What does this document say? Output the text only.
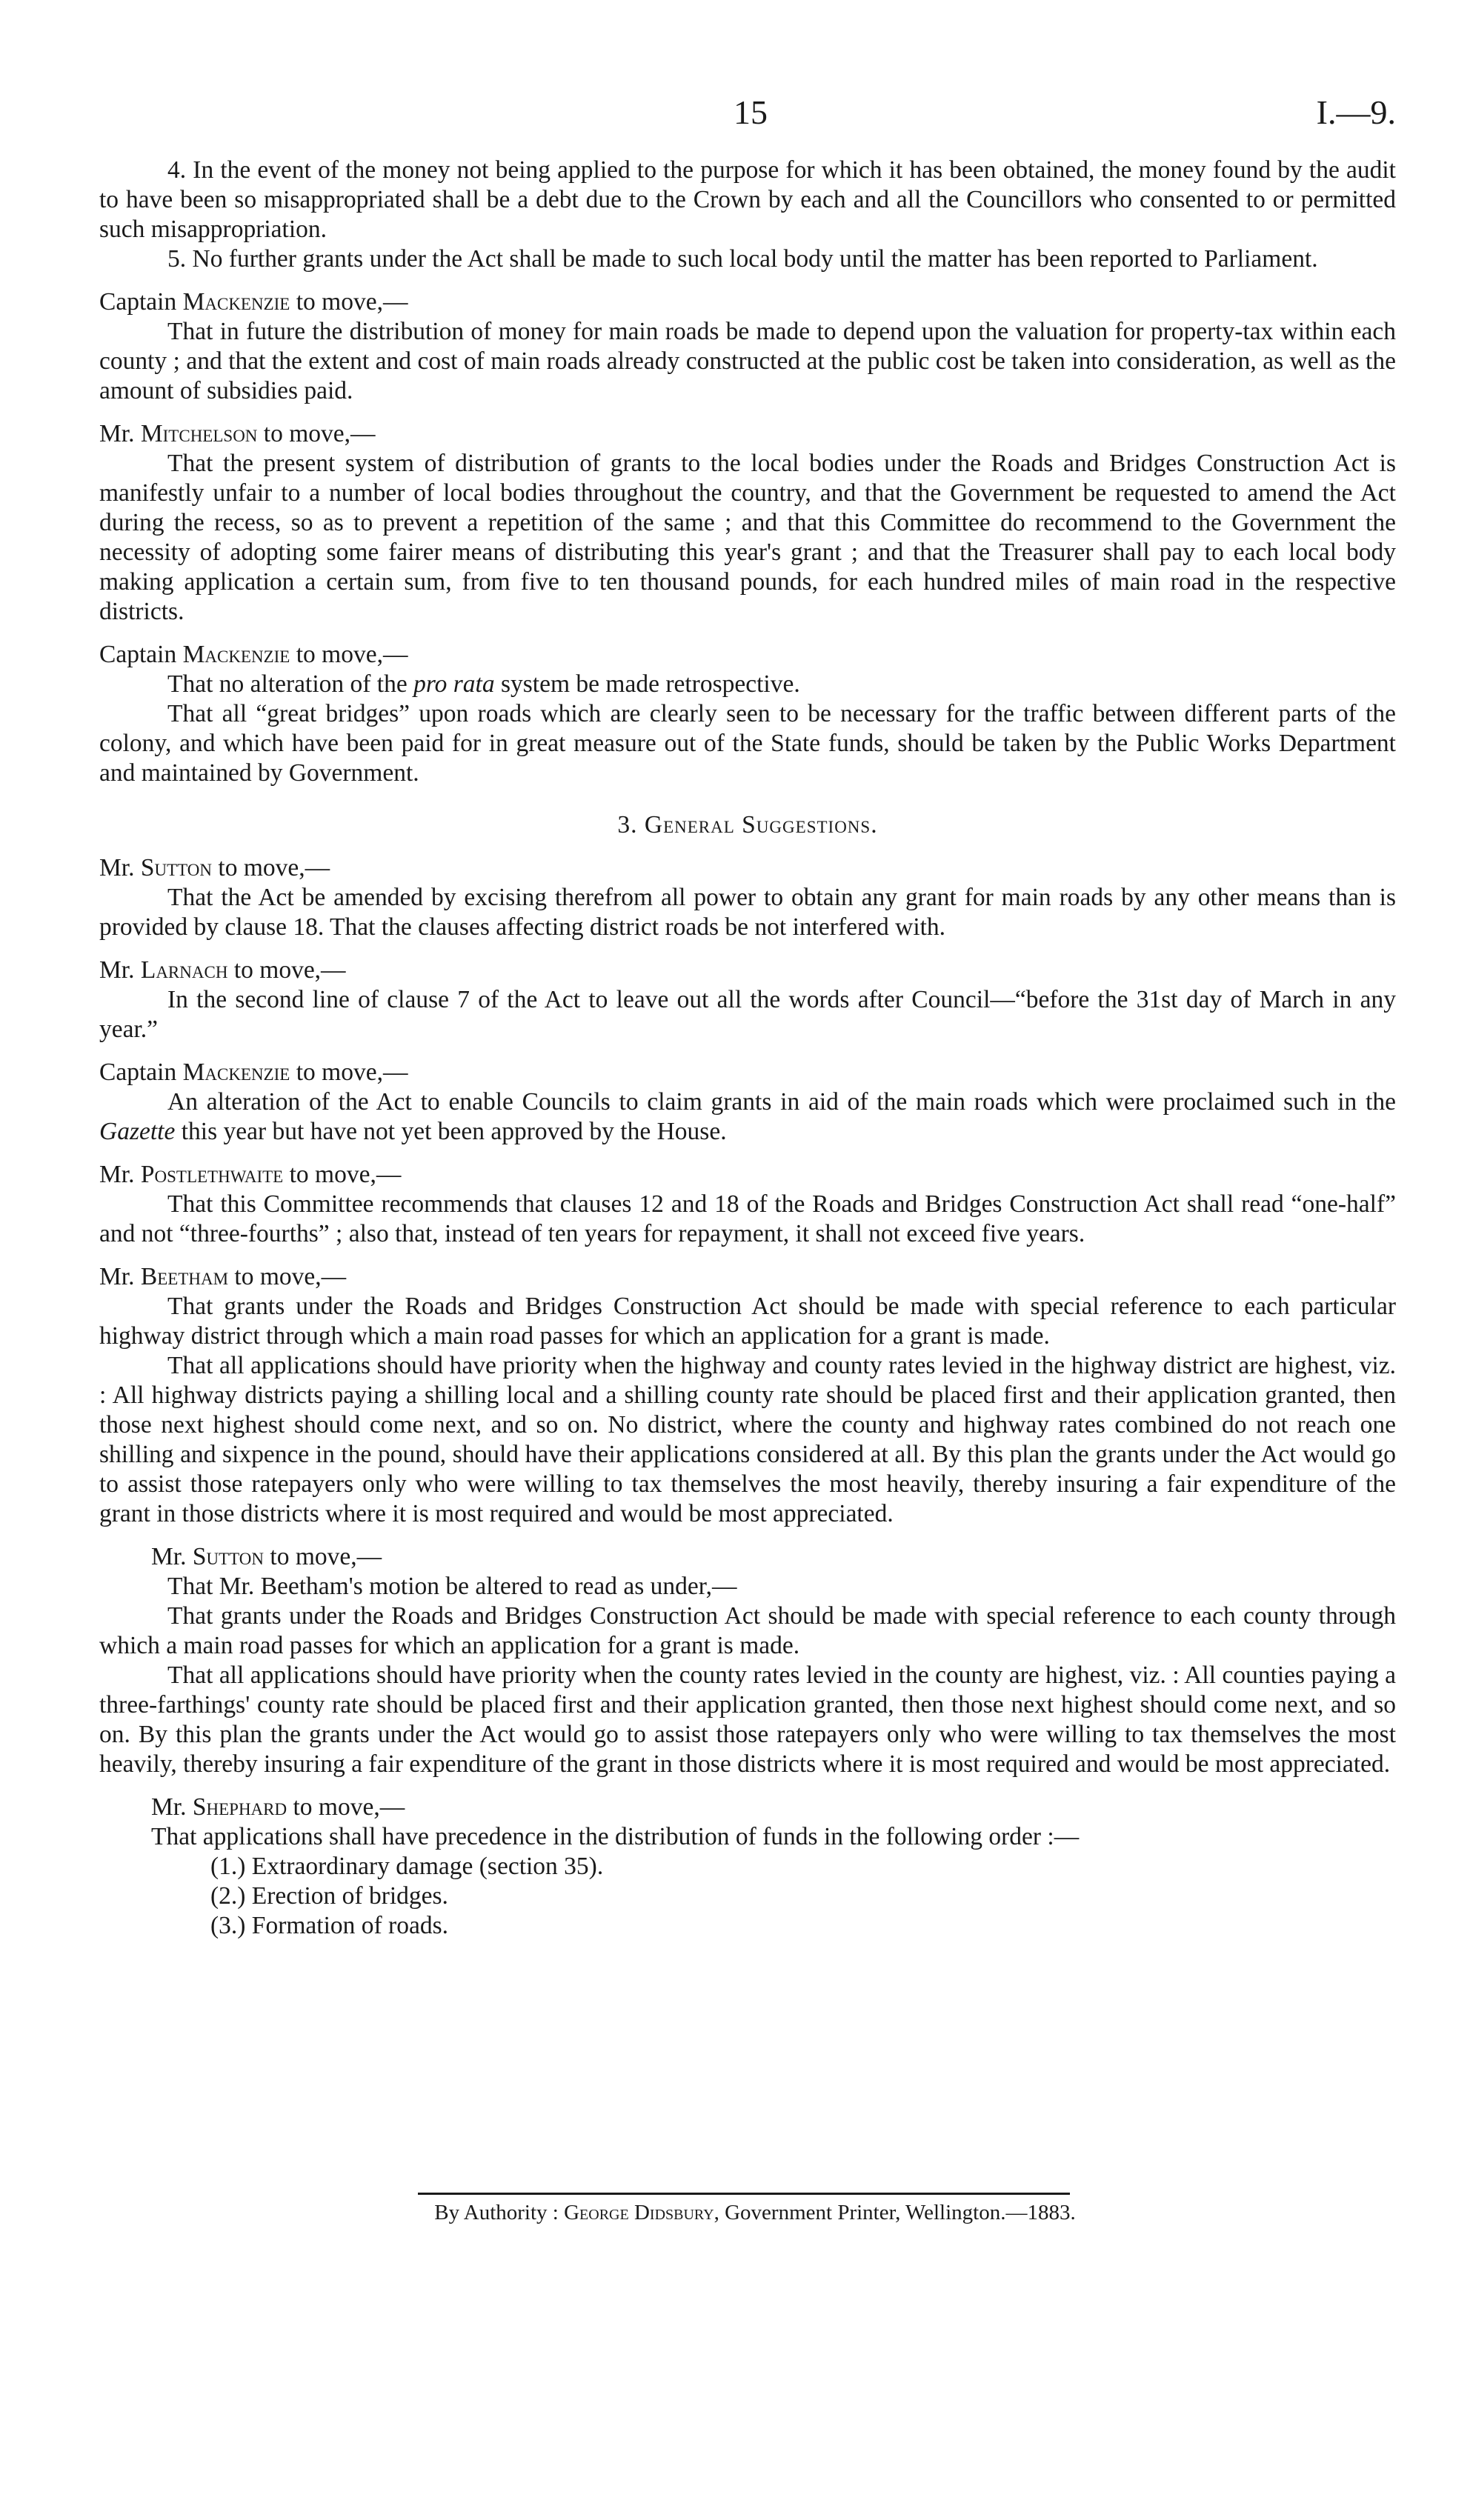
15	I.—9.

4. In the event of the money not being applied to the purpose for which it has been obtained, the money found by the audit to have been so misappropriated shall be a debt due to the Crown by each and all the Councillors who consented to or permitted such misappropriation.

5. No further grants under the Act shall be made to such local body until the matter has been reported to Parliament.

Captain Mackenzie to move,—

That in future the distribution of money for main roads be made to depend upon the valuation for property-tax within each county ; and that the extent and cost of main roads already constructed at the public cost be taken into consideration, as well as the amount of subsidies paid.

Mr. Mitchelson to move,—

That the present system of distribution of grants to the local bodies under the Roads and Bridges Construction Act is manifestly unfair to a number of local bodies throughout the country, and that the Government be requested to amend the Act during the recess, so as to prevent a repetition of the same ; and that this Committee do recommend to the Government the necessity of adopting some fairer means of distributing this year's grant ; and that the Treasurer shall pay to each local body making application a certain sum, from five to ten thousand pounds, for each hundred miles of main road in the respective districts.

Captain Mackenzie to move,—

That no alteration of the pro rata system be made retrospective.

That all “great bridges” upon roads which are clearly seen to be necessary for the traffic between different parts of the colony, and which have been paid for in great measure out of the State funds, should be taken by the Public Works Department and maintained by Government.

3. General Suggestions.

Mr. Sutton to move,—

That the Act be amended by excising therefrom all power to obtain any grant for main roads by any other means than is provided by clause 18. That the clauses affecting district roads be not interfered with.

Mr. Larnach to move,—

In the second line of clause 7 of the Act to leave out all the words after Council—“before the 31st day of March in any year.”

Captain Mackenzie to move,—

An alteration of the Act to enable Councils to claim grants in aid of the main roads which were proclaimed such in the Gazette this year but have not yet been approved by the House.

Mr. Postlethwaite to move,—

That this Committee recommends that clauses 12 and 18 of the Roads and Bridges Construction Act shall read “one-half” and not “three-fourths” ; also that, instead of ten years for repayment, it shall not exceed five years.

Mr. Beetham to move,—

That grants under the Roads and Bridges Construction Act should be made with special reference to each particular highway district through which a main road passes for which an application for a grant is made.

That all applications should have priority when the highway and county rates levied in the highway district are highest, viz. : All highway districts paying a shilling local and a shilling county rate should be placed first and their application granted, then those next highest should come next, and so on. No district, where the county and highway rates combined do not reach one shilling and sixpence in the pound, should have their applications considered at all. By this plan the grants under the Act would go to assist those ratepayers only who were willing to tax themselves the most heavily, thereby insuring a fair expenditure of the grant in those districts where it is most required and would be most appreciated.

Mr. Sutton to move,—

That Mr. Beetham's motion be altered to read as under,—

That grants under the Roads and Bridges Construction Act should be made with special reference to each county through which a main road passes for which an application for a grant is made.

That all applications should have priority when the county rates levied in the county are highest, viz. : All counties paying a three-farthings' county rate should be placed first and their application granted, then those next highest should come next, and so on. By this plan the grants under the Act would go to assist those ratepayers only who were willing to tax themselves the most heavily, thereby insuring a fair expenditure of the grant in those districts where it is most required and would be most appreciated.

Mr. Shephard to move,—

That applications shall have precedence in the distribution of funds in the following order :—

(1.) Extraordinary damage (section 35).
(2.) Erection of bridges.
(3.) Formation of roads.
By Authority : George Didsbury, Government Printer, Wellington.—1883.
